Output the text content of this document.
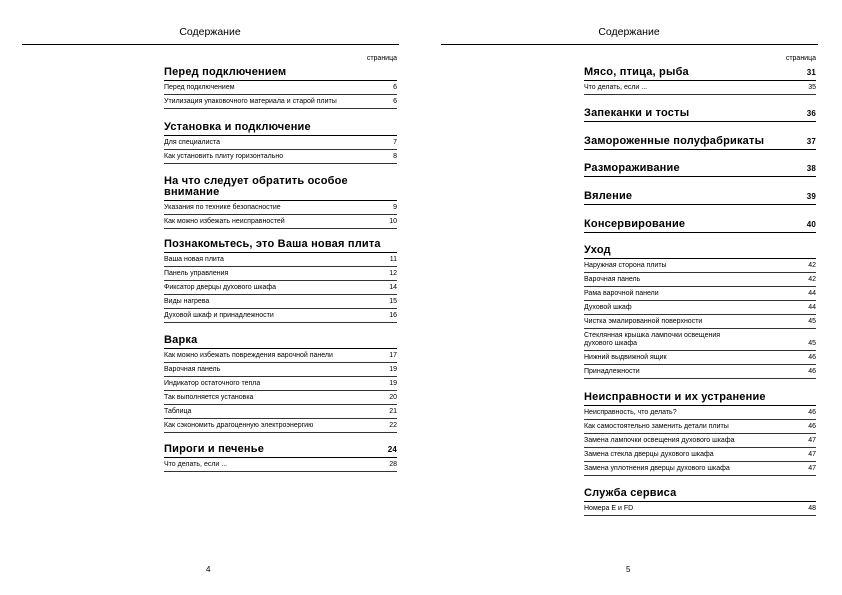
Содержание
страница
Перед подключением
Перед подключением	6
Утилизация упаковочного материала и старой плиты	6
Установка и подключение
Для специалиста	7
Как установить плиту горизонтально	8
На что следует обратить особое
внимание
Указания по технике безопасностие	9
Как можно избежать неисправностей	10
Познакомьтесь, это Ваша новая плита
Ваша новая плита	11
Панель управления	12
Фиксатор дверцы духового шкафа	14
Виды нагрева	15
Духовой шкаф и принадлежности	16
Варка
Как можно избежать повреждения варочной панели	17
Варочная панель	19
Индикатор остаточного тепла	19
Так выполняется установка	20
Таблица	21
Как сэкономить драгоценную электроэнергию	22
Пироги и печенье	24
Что делать, если ...	28
4
Содержание
страница
Мясо, птица, рыба	31
Что делать, если ...	35
Запеканки и тосты	36
Замороженные полуфабрикаты	37
Размораживание	38
Вяление	39
Консервирование	40
Уход
Наружная сторона плиты	42
Варочная панель	42
Рама варочной панели	44
Духовой шкаф	44
Чистка эмалированной поверхности	45
Стеклянная крышка лампочки освещения
духового шкафа	45
Нижний выдвижной ящик	46
Принадлежности	46
Неисправности и их устранение
Неисправность, что делать?	46
Как самостоятельно заменить детали плиты	46
Замена лампочки освещения духового шкафа	47
Замена стекла дверцы духового шкафа	47
Замена уплотнения дверцы духового шкафа	47
Служба сервиса
Номера E и FD	48
5
